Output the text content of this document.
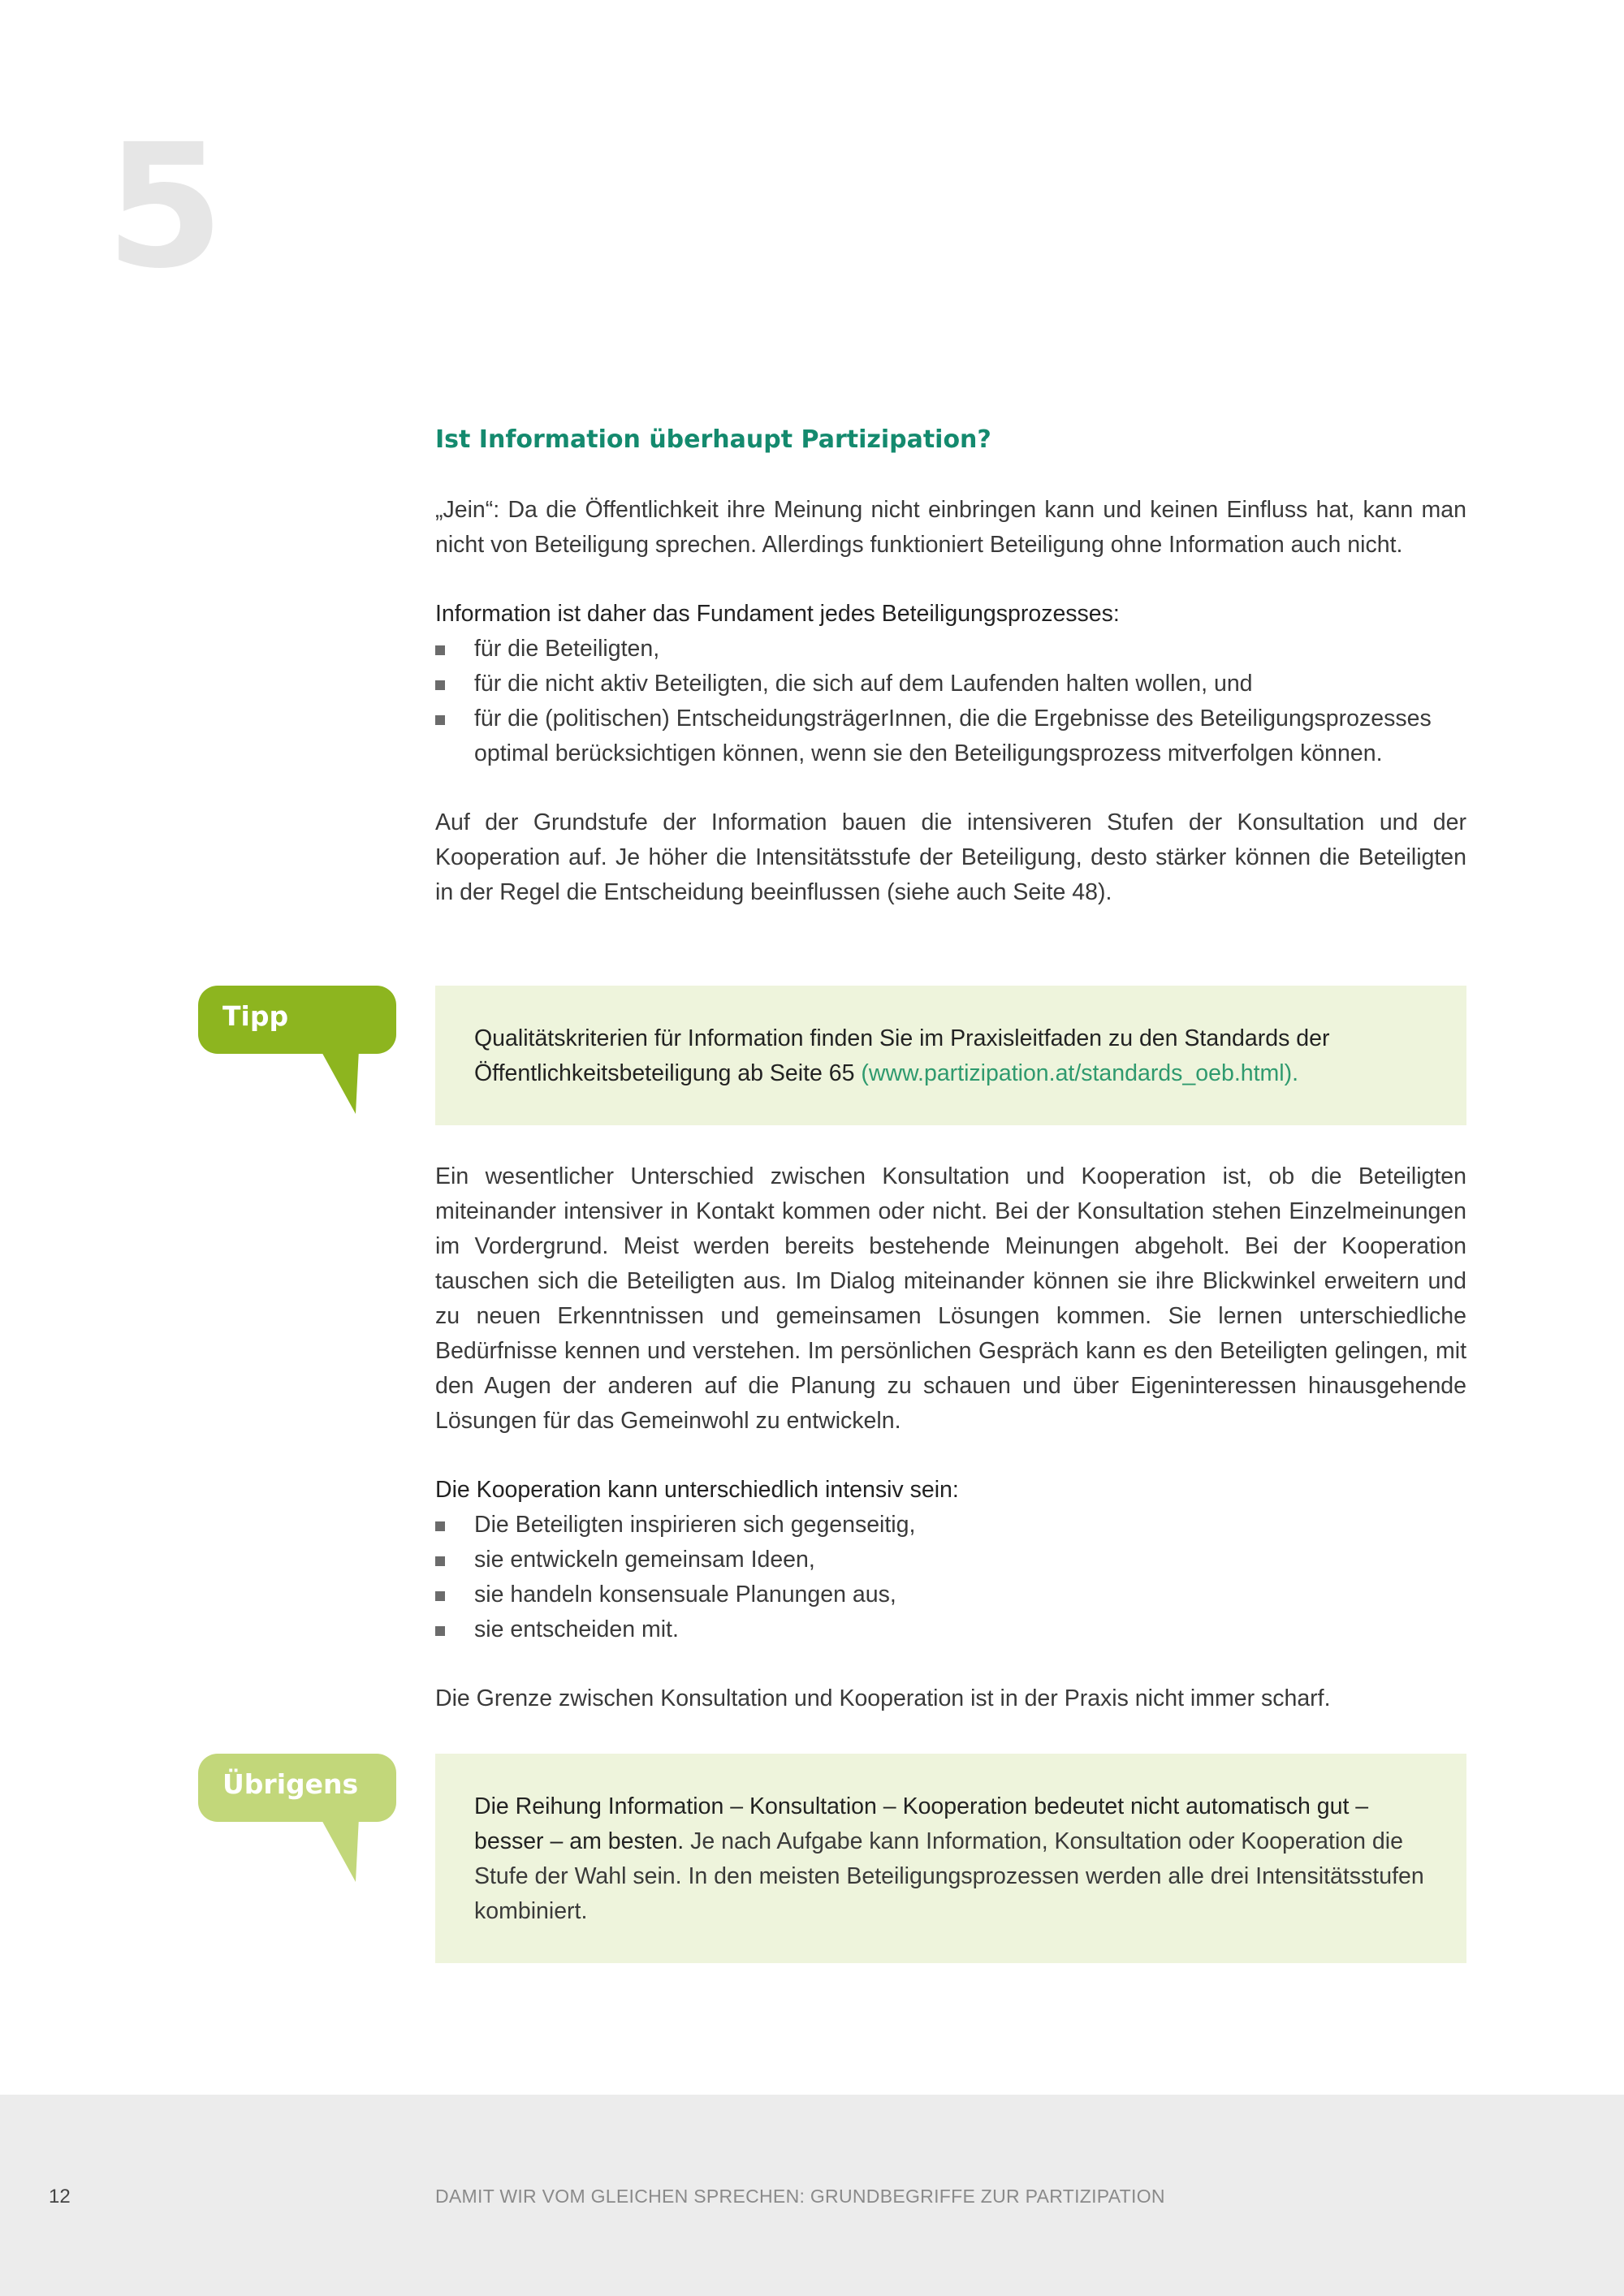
5
Ist Information überhaupt Partizipation?

„Jein“: Da die Öffentlichkeit ihre Meinung nicht einbringen kann und keinen Einfluss hat, kann man nicht von Beteiligung sprechen. Allerdings funktioniert Beteiligung ohne Information auch nicht.

Information ist daher das Fundament jedes Beteiligungsprozesses:

für die Beteiligten,
für die nicht aktiv Beteiligten, die sich auf dem Laufenden halten wollen, und
für die (politischen) EntscheidungsträgerInnen, die die Ergebnisse des Beteiligungsprozesses optimal berücksichtigen können, wenn sie den Beteiligungsprozess mitverfolgen können.

Auf der Grundstufe der Information bauen die intensiveren Stufen der Konsultation und der Kooperation auf. Je höher die Intensitätsstufe der Beteiligung, desto stärker können die Beteiligten in der Regel die Entscheidung beeinflussen (siehe auch Seite 48).

Tipp

Qualitätskriterien für Information finden Sie im Praxisleitfaden zu den Standards der Öffentlichkeitsbeteiligung ab Seite 65 (www.partizipation.at/standards_oeb.html).

Ein wesentlicher Unterschied zwischen Konsultation und Kooperation ist, ob die Beteiligten miteinander intensiver in Kontakt kommen oder nicht. Bei der Konsultation stehen Einzelmeinungen im Vordergrund. Meist werden bereits bestehende Meinungen abgeholt. Bei der Kooperation tauschen sich die Beteiligten aus. Im Dialog miteinander können sie ihre Blickwinkel erweitern und zu neuen Erkenntnissen und gemeinsamen Lösungen kommen. Sie lernen unterschiedliche Bedürfnisse kennen und verstehen. Im persönlichen Gespräch kann es den Beteiligten gelingen, mit den Augen der anderen auf die Planung zu schauen und über Eigeninteressen hinausgehende Lösungen für das Gemeinwohl zu entwickeln.

Die Kooperation kann unterschiedlich intensiv sein:

Die Beteiligten inspirieren sich gegenseitig,
sie entwickeln gemeinsam Ideen,
sie handeln konsensuale Planungen aus,
sie entscheiden mit.

Die Grenze zwischen Konsultation und Kooperation ist in der Praxis nicht immer scharf.

Übrigens

Die Reihung Information – Konsultation – Kooperation bedeutet nicht automatisch gut – besser – am besten. Je nach Aufgabe kann Information, Konsultation oder Kooperation die Stufe der Wahl sein. In den meisten Beteiligungsprozessen werden alle drei Intensitätsstufen kombiniert.

12	DAMIT WIR VOM GLEICHEN SPRECHEN: GRUNDBEGRIFFE ZUR PARTIZIPATION
